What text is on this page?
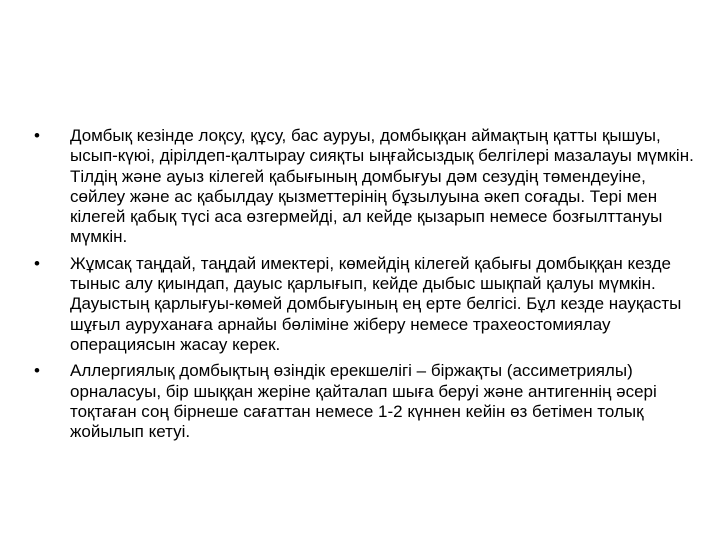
•	Домбық кезінде лоқсу, құсу, бас ауруы, домбыққан аймақтың қатты қышуы, ысып-күюі, дірілдеп-қалтырау сияқты ыңғайсыздық белгілері мазалауы мүмкін. Тілдің және ауыз кілегей қабығының домбығуы дәм сезудің төмендеуіне, сөйлеу және ас қабылдау қызметтерінің бұзылуына әкеп соғады. Тері мен кілегей қабық түсі аса өзгермейді, ал кейде қызарып немесе бозғылттануы мүмкін.
•	Жұмсақ таңдай, таңдай имектері, көмейдің кілегей қабығы домбыққан кезде тыныс алу қиындап, дауыс қарлығып, кейде дыбыс шықпай қалуы мүмкін. Дауыстың қарлығуы-көмей домбығуының ең ерте белгісі. Бұл кезде науқасты шұғыл ауруханаға арнайы бөліміне жіберу немесе трахеостомиялау операциясын жасау керек.
•	Аллергиялық домбықтың өзіндік ерекшелігі – біржақты (ассиметриялы) орналасуы, бір шыққан жеріне қайталап шыға беруі және антигеннің әсері тоқтаған соң бірнеше сағаттан немесе 1-2 күннен кейін өз бетімен толық жойылып кетуі.
